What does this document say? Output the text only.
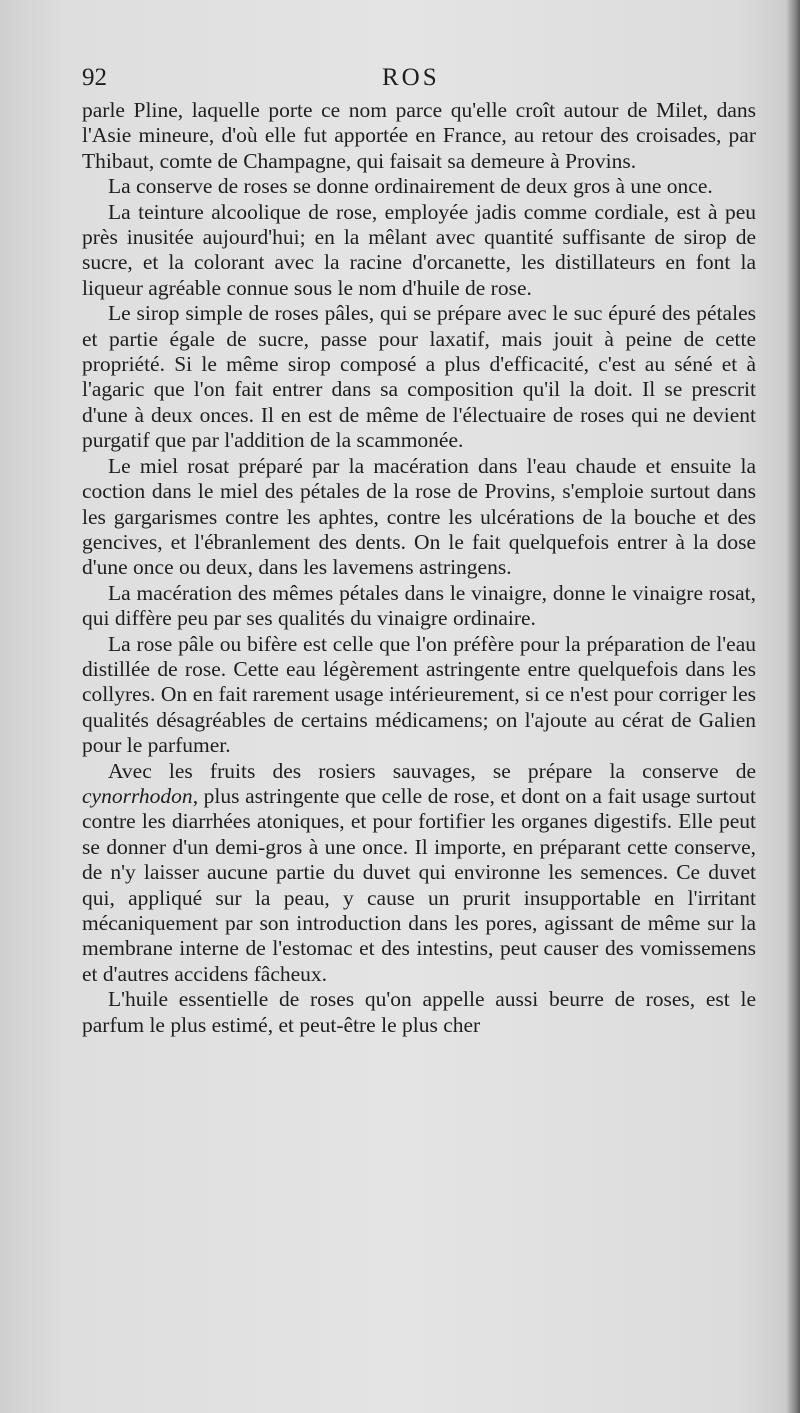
92	ROS

parle Pline, laquelle porte ce nom parce qu'elle croît autour de Milet, dans l'Asie mineure, d'où elle fut apportée en France, au retour des croisades, par Thibaut, comte de Champagne, qui faisait sa demeure à Provins.

La conserve de roses se donne ordinairement de deux gros à une once.

La teinture alcoolique de rose, employée jadis comme cordiale, est à peu près inusitée aujourd'hui; en la mêlant avec quantité suffisante de sirop de sucre, et la colorant avec la racine d'orcanette, les distillateurs en font la liqueur agréable connue sous le nom d'huile de rose.

Le sirop simple de roses pâles, qui se prépare avec le suc épuré des pétales et partie égale de sucre, passe pour laxatif, mais jouit à peine de cette propriété. Si le même sirop composé a plus d'efficacité, c'est au séné et à l'agaric que l'on fait entrer dans sa composition qu'il la doit. Il se prescrit d'une à deux onces. Il en est de même de l'électuaire de roses qui ne devient purgatif que par l'addition de la scammonée.

Le miel rosat préparé par la macération dans l'eau chaude et ensuite la coction dans le miel des pétales de la rose de Provins, s'emploie surtout dans les gargarismes contre les aphtes, contre les ulcérations de la bouche et des gencives, et l'ébranlement des dents. On le fait quelquefois entrer à la dose d'une once ou deux, dans les lavemens astringens.

La macération des mêmes pétales dans le vinaigre, donne le vinaigre rosat, qui diffère peu par ses qualités du vinaigre ordinaire.

La rose pâle ou bifère est celle que l'on préfère pour la préparation de l'eau distillée de rose. Cette eau légèrement astringente entre quelquefois dans les collyres. On en fait rarement usage intérieurement, si ce n'est pour corriger les qualités désagréables de certains médicamens; on l'ajoute au cérat de Galien pour le parfumer.

Avec les fruits des rosiers sauvages, se prépare la conserve de cynorrhodon, plus astringente que celle de rose, et dont on a fait usage surtout contre les diarrhées atoniques, et pour fortifier les organes digestifs. Elle peut se donner d'un demi-gros à une once. Il importe, en préparant cette conserve, de n'y laisser aucune partie du duvet qui environne les semences. Ce duvet qui, appliqué sur la peau, y cause un prurit insupportable en l'irritant mécaniquement par son introduction dans les pores, agissant de même sur la membrane interne de l'estomac et des intestins, peut causer des vomissemens et d'autres accidens fâcheux.

L'huile essentielle de roses qu'on appelle aussi beurre de roses, est le parfum le plus estimé, et peut-être le plus cher
